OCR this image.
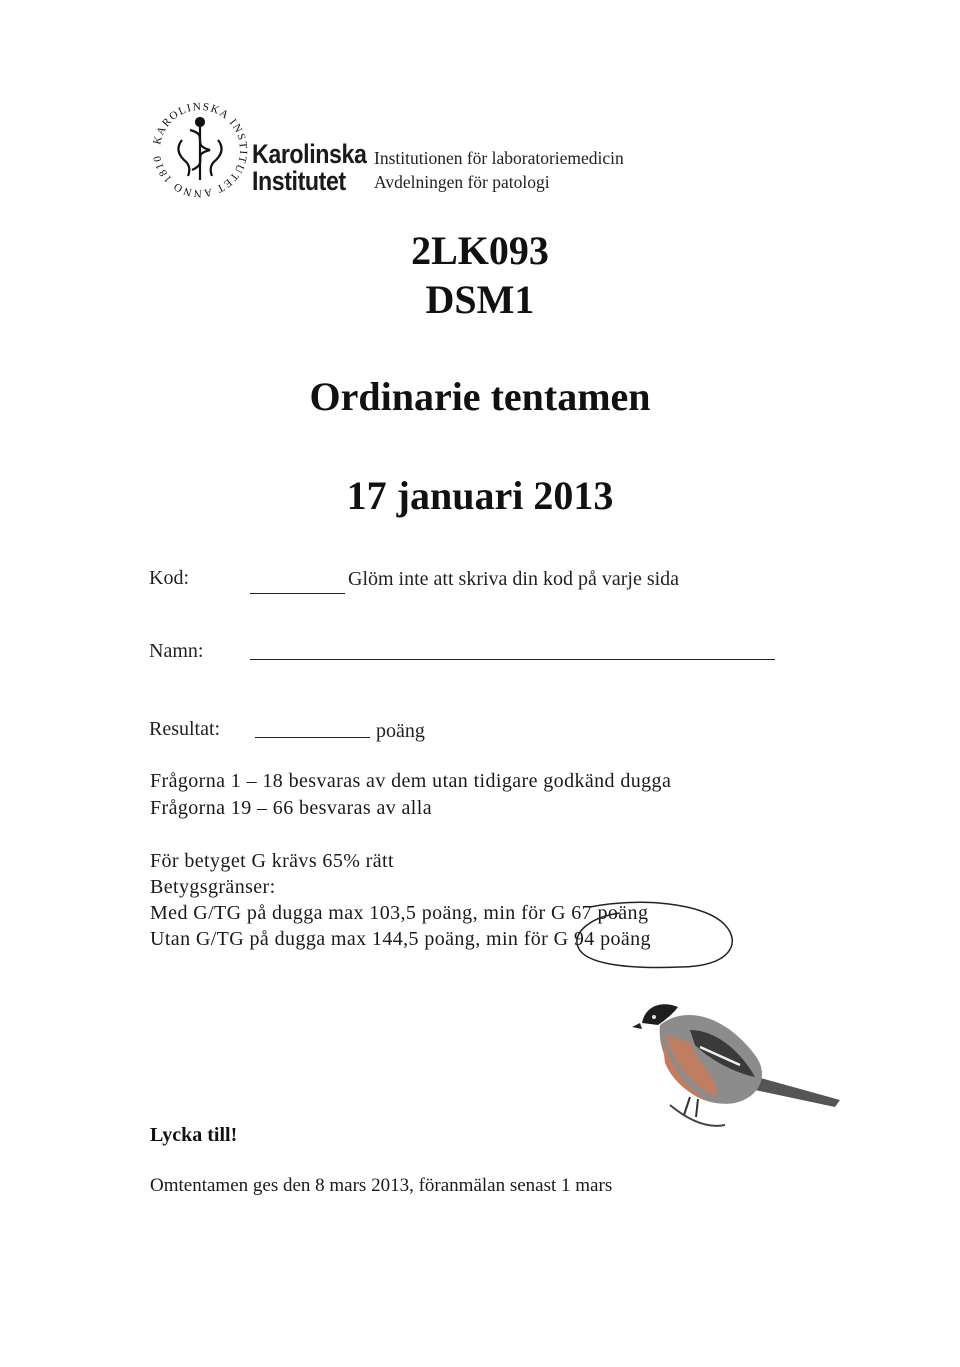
KAROLINSKA INSTITUTET ANNO 1810	Karolinska
Institutet
Institutionen för laboratoriemedicin
Avdelningen för patologi
2LK093
DSM1
Ordinarie tentamen
17 januari 2013
Kod:	Glöm inte att skriva din kod på varje sida
Namn:
Resultat:	poäng
Frågorna 1 – 18 besvaras av dem utan tidigare godkänd dugga
Frågorna 19 – 66 besvaras av alla
För betyget G krävs 65% rätt
Betygsgränser:
Med G/TG på dugga max 103,5 poäng, min för G 67 poäng
Utan G/TG på dugga max 144,5 poäng, min för G 94 poäng
Lycka till!
Omtentamen ges den 8 mars 2013, föranmälan senast 1 mars
